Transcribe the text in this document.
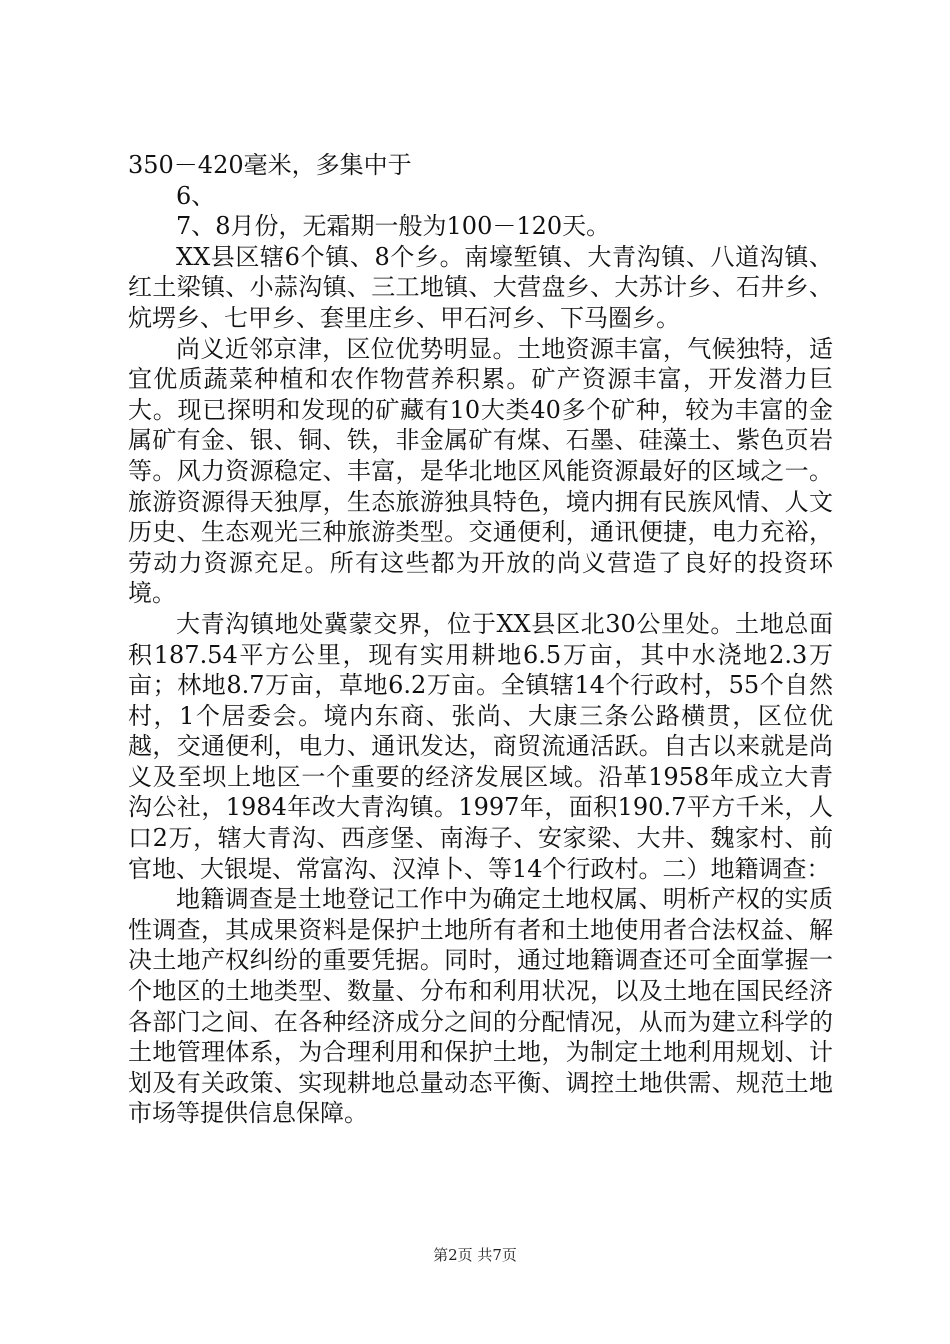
350－420毫米，多集中于

6、

7、8月份，无霜期一般为100－120天。

XX县区辖6个镇、8个乡。南壕堑镇、大青沟镇、八道沟镇、红土梁镇、小蒜沟镇、三工地镇、大营盘乡、大苏计乡、石井乡、炕塄乡、七甲乡、套里庄乡、甲石河乡、下马圈乡。

尚义近邻京津，区位优势明显。土地资源丰富，气候独特，适宜优质蔬菜种植和农作物营养积累。矿产资源丰富，开发潜力巨大。现已探明和发现的矿藏有10大类40多个矿种，较为丰富的金属矿有金、银、铜、铁，非金属矿有煤、石墨、硅藻土、紫色页岩等。风力资源稳定、丰富，是华北地区风能资源最好的区域之一。旅游资源得天独厚，生态旅游独具特色，境内拥有民族风情、人文历史、生态观光三种旅游类型。交通便利，通讯便捷，电力充裕，劳动力资源充足。所有这些都为开放的尚义营造了良好的投资环境。

大青沟镇地处冀蒙交界，位于XX县区北30公里处。土地总面积187.54平方公里，现有实用耕地6.5万亩，其中水浇地2.3万亩；林地8.7万亩，草地6.2万亩。全镇辖14个行政村，55个自然村，1个居委会。境内东商、张尚、大康三条公路横贯，区位优越，交通便利，电力、通讯发达，商贸流通活跃。自古以来就是尚义及至坝上地区一个重要的经济发展区域。沿革1958年成立大青沟公社，1984年改大青沟镇。1997年，面积190.7平方千米，人口2万，辖大青沟、西彦堡、南海子、安家梁、大井、魏家村、前官地、大银堤、常富沟、汉淖卜、等14个行政村。二）地籍调查：

地籍调查是土地登记工作中为确定土地权属、明析产权的实质性调查，其成果资料是保护土地所有者和土地使用者合法权益、解决土地产权纠纷的重要凭据。同时，通过地籍调查还可全面掌握一个地区的土地类型、数量、分布和利用状况，以及土地在国民经济各部门之间、在各种经济成分之间的分配情况，从而为建立科学的土地管理体系，为合理利用和保护土地，为制定土地利用规划、计划及有关政策、实现耕地总量动态平衡、调控土地供需、规范土地市场等提供信息保障。

第2页 共7页
